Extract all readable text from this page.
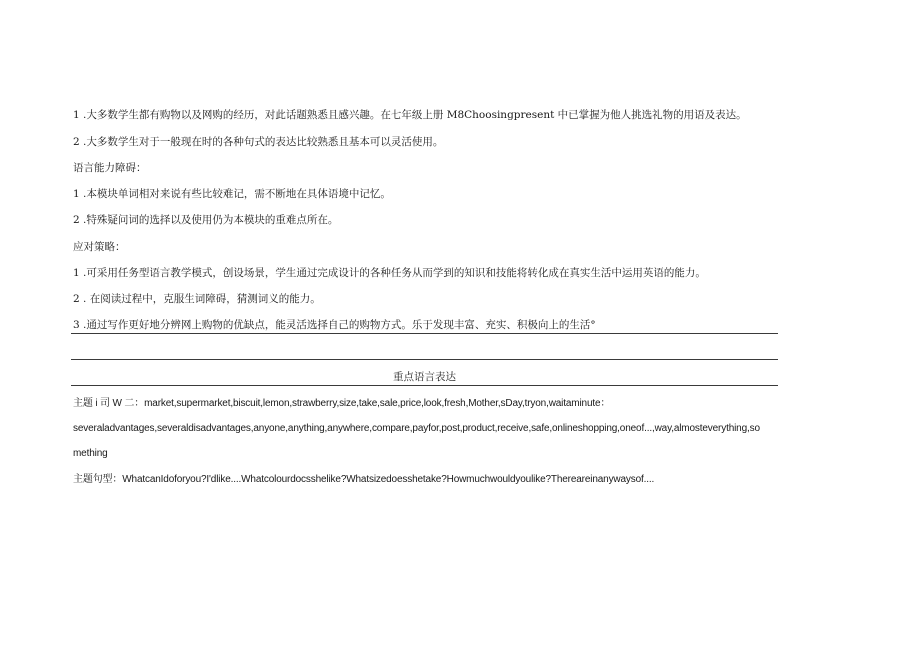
1 .大多数学生都有购物以及网购的经历，对此话题熟悉且感兴趣。在七年级上册 M8Choosingpresent 中已掌握为他人挑选礼物的用语及表达。
2 .大多数学生对于一般现在时的各种句式的表达比较熟悉且基本可以灵活使用。
语言能力障碍：
1 .本模块单词相对来说有些比较难记，需不断地在具体语境中记忆。
2 .特殊疑问词的选择以及使用仍为本模块的重难点所在。
应对策略：
1 .可采用任务型语言教学模式，创设场景，学生通过完成设计的各种任务从而学到的知识和技能将转化成在真实生活中运用英语的能力。
2 . 在阅读过程中，克服生词障碍，猜测词义的能力。
3 .通过写作更好地分辨网上购物的优缺点，能灵活选择自己的购物方式。乐于发现丰富、充实、积极向上的生活°
重点语言表达
主题 i 司 W 二：market,supermarket,biscuit,lemon,strawberry,size,take,sale,price,look,fresh,Mother,sDay,tryon,waitaminute：
severaladvantages,severaldisadvantages,anyone,anything,anywhere,compare,payfor,post,product,receive,safe,onlineshopping,oneof...,way,almosteverything,so
mething
主题句型：WhatcanIdoforyou?I'dlike....Whatcolourdocsshelike?Whatsizedoesshetake?Howmuchwouldyoulike?Thereareinanywaysof....
